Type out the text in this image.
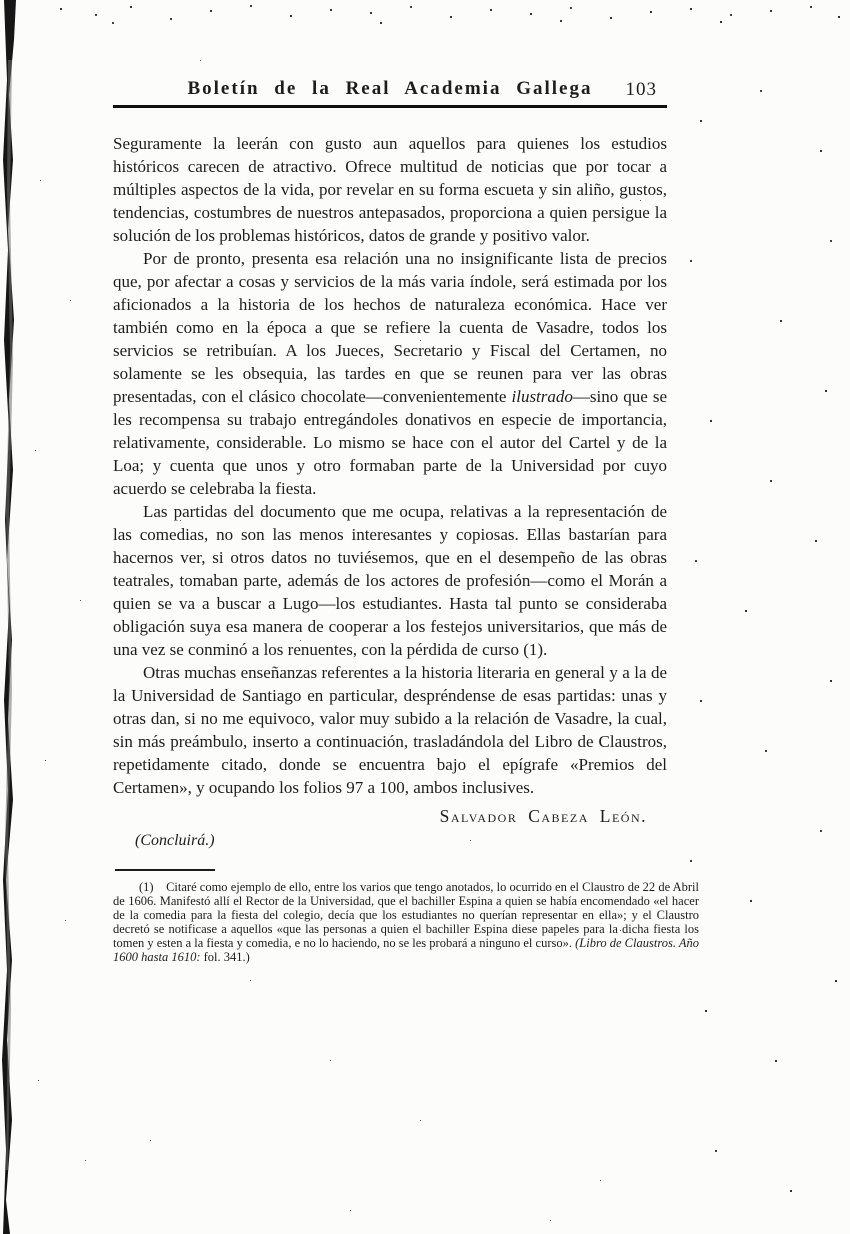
Boletín de la Real Academia Gallega	103

Seguramente la leerán con gusto aun aquellos para quienes los estudios históricos carecen de atractivo. Ofrece multitud de noticias que por tocar a múltiples aspectos de la vida, por revelar en su forma escueta y sin aliño, gustos, tendencias, costumbres de nuestros antepasados, proporciona a quien persigue la solución de los problemas históricos, datos de grande y positivo valor.

Por de pronto, presenta esa relación una no insignificante lista de precios que, por afectar a cosas y servicios de la más varia índole, será estimada por los aficionados a la historia de los hechos de naturaleza económica. Hace ver también como en la época a que se refiere la cuenta de Vasadre, todos los servicios se retribuían. A los Jueces, Secretario y Fiscal del Certamen, no solamente se les obsequia, las tardes en que se reunen para ver las obras presentadas, con el clásico chocolate—convenientemente ilustrado—sino que se les recompensa su trabajo entregándoles donativos en especie de importancia, relativamente, considerable. Lo mismo se hace con el autor del Cartel y de la Loa; y cuenta que unos y otro formaban parte de la Universidad por cuyo acuerdo se celebraba la fiesta.

Las partidas del documento que me ocupa, relativas a la representación de las comedias, no son las menos interesantes y copiosas. Ellas bastarían para hacernos ver, si otros datos no tuviésemos, que en el desempeño de las obras teatrales, tomaban parte, además de los actores de profesión—como el Morán a quien se va a buscar a Lugo—los estudiantes. Hasta tal punto se consideraba obligación suya esa manera de cooperar a los festejos universitarios, que más de una vez se conminó a los renuentes, con la pérdida de curso (1).

Otras muchas enseñanzas referentes a la historia literaria en general y a la de la Universidad de Santiago en particular, despréndense de esas partidas: unas y otras dan, si no me equivoco, valor muy subido a la relación de Vasadre, la cual, sin más preámbulo, inserto a continuación, trasladándola del Libro de Claustros, repetidamente citado, donde se encuentra bajo el epígrafe «Premios del Certamen», y ocupando los folios 97 a 100, ambos inclusives.

Salvador Cabeza León.
(Concluirá.)

(1)  Citaré como ejemplo de ello, entre los varios que tengo anotados, lo ocurrido en el Claustro de 22 de Abril de 1606. Manifestó allí el Rector de la Universidad, que el bachiller Espina a quien se había encomendado «el hacer de la comedia para la fiesta del colegio, decía que los estudiantes no querían representar en ella»; y el Claustro decretó se notificase a aquellos «que las personas a quien el bachiller Espina diese papeles para la dicha fiesta los tomen y esten a la fiesta y comedia, e no lo haciendo, no se les probará a ninguno el curso». (Libro de Claustros. Año 1600 hasta 1610: fol. 341.)
